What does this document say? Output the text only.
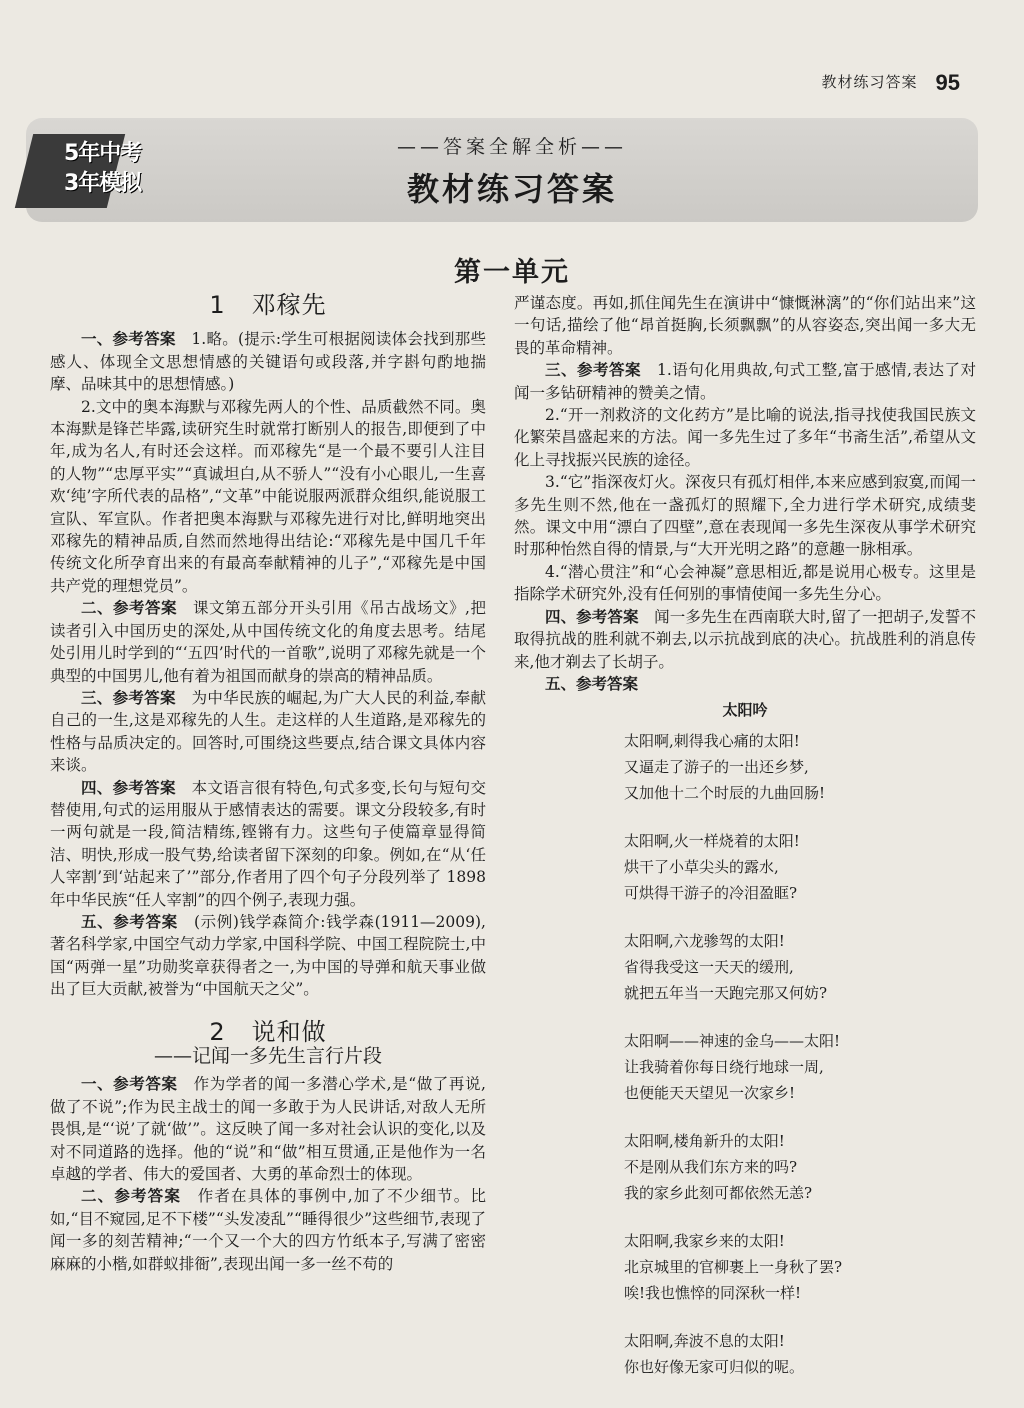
教材练习答案 95
5年中考
3年模拟
——答案全解全析——
教材练习答案
第一单元
1 邓稼先

一、参考答案　 1.略。(提示:学生可根据阅读体会找到那些感人、体现全文思想情感的关键语句或段落,并字斟句酌地揣摩、品味其中的思想情感。)

2.文中的奥本海默与邓稼先两人的个性、品质截然不同。奥本海默是锋芒毕露,读研究生时就常打断别人的报告,即便到了中年,成为名人,有时还会这样。而邓稼先“是一个最不要引人注目的人物”“忠厚平实”“真诚坦白,从不骄人”“没有小心眼儿,一生喜欢‘纯’字所代表的品格”,“文革”中能说服两派群众组织,能说服工宣队、军宣队。作者把奥本海默与邓稼先进行对比,鲜明地突出邓稼先的精神品质,自然而然地得出结论:“邓稼先是中国几千年传统文化所孕育出来的有最高奉献精神的儿子”,“邓稼先是中国共产党的理想党员”。

二、参考答案　 课文第五部分开头引用《吊古战场文》,把读者引入中国历史的深处,从中国传统文化的角度去思考。结尾处引用儿时学到的“‘五四’时代的一首歌”,说明了邓稼先就是一个典型的中国男儿,他有着为祖国而献身的崇高的精神品质。

三、参考答案　 为中华民族的崛起,为广大人民的利益,奉献自己的一生,这是邓稼先的人生。走这样的人生道路,是邓稼先的性格与品质决定的。回答时,可围绕这些要点,结合课文具体内容来谈。

四、参考答案　 本文语言很有特色,句式多变,长句与短句交替使用,句式的运用服从于感情表达的需要。课文分段较多,有时一两句就是一段,简洁精练,铿锵有力。这些句子使篇章显得简洁、明快,形成一股气势,给读者留下深刻的印象。例如,在“从‘任人宰割’到‘站起来了’”部分,作者用了四个句子分段列举了 1898 年中华民族“任人宰割”的四个例子,表现力强。

五、参考答案　 (示例)钱学森简介:钱学森(1911—2009),著名科学家,中国空气动力学家,中国科学院、中国工程院院士,中国“两弹一星”功勋奖章获得者之一,为中国的导弹和航天事业做出了巨大贡献,被誉为“中国航天之父”。

2 说和做
——记闻一多先生言行片段

一、参考答案　 作为学者的闻一多潜心学术,是“做了再说,做了不说”;作为民主战士的闻一多敢于为人民讲话,对敌人无所畏惧,是“‘说’了就‘做’”。这反映了闻一多对社会认识的变化,以及对不同道路的选择。他的“说”和“做”相互贯通,正是他作为一名卓越的学者、伟大的爱国者、大勇的革命烈士的体现。

二、参考答案　 作者在具体的事例中,加了不少细节。比如,“目不窥园,足不下楼”“头发凌乱”“睡得很少”这些细节,表现了闻一多的刻苦精神;“一个又一个大的四方竹纸本子,写满了密密麻麻的小楷,如群蚁排衙”,表现出闻一多一丝不苟的

严谨态度。再如,抓住闻先生在演讲中“慷慨淋漓”的“你们站出来”这一句话,描绘了他“昂首挺胸,长须飘飘”的从容姿态,突出闻一多大无畏的革命精神。

三、参考答案　 1.语句化用典故,句式工整,富于感情,表达了对闻一多钻研精神的赞美之情。

2.“开一剂救济的文化药方”是比喻的说法,指寻找使我国民族文化繁荣昌盛起来的方法。闻一多先生过了多年“书斋生活”,希望从文化上寻找振兴民族的途径。

3.“它”指深夜灯火。深夜只有孤灯相伴,本来应感到寂寞,而闻一多先生则不然,他在一盏孤灯的照耀下,全力进行学术研究,成绩斐然。课文中用“漂白了四壁”,意在表现闻一多先生深夜从事学术研究时那种怡然自得的情景,与“大开光明之路”的意趣一脉相承。

4.“潜心贯注”和“心会神凝”意思相近,都是说用心极专。这里是指除学术研究外,没有任何别的事情使闻一多先生分心。

四、参考答案　 闻一多先生在西南联大时,留了一把胡子,发誓不取得抗战的胜利就不剃去,以示抗战到底的决心。抗战胜利的消息传来,他才剃去了长胡子。

五、参考答案　

太阳吟
太阳啊,刺得我心痛的太阳!
又逼走了游子的一出还乡梦,
又加他十二个时辰的九曲回肠!
太阳啊,火一样烧着的太阳!
烘干了小草尖头的露水,
可烘得干游子的冷泪盈眶?
太阳啊,六龙骖驾的太阳!
省得我受这一天天的缓刑,
就把五年当一天跑完那又何妨?
太阳啊——神速的金乌——太阳!
让我骑着你每日绕行地球一周,
也便能天天望见一次家乡!
太阳啊,楼角新升的太阳!
不是刚从我们东方来的吗?
我的家乡此刻可都依然无恙?
太阳啊,我家乡来的太阳!
北京城里的官柳裹上一身秋了罢?
唉!我也憔悴的同深秋一样!
太阳啊,奔波不息的太阳!
你也好像无家可归似的呢。
